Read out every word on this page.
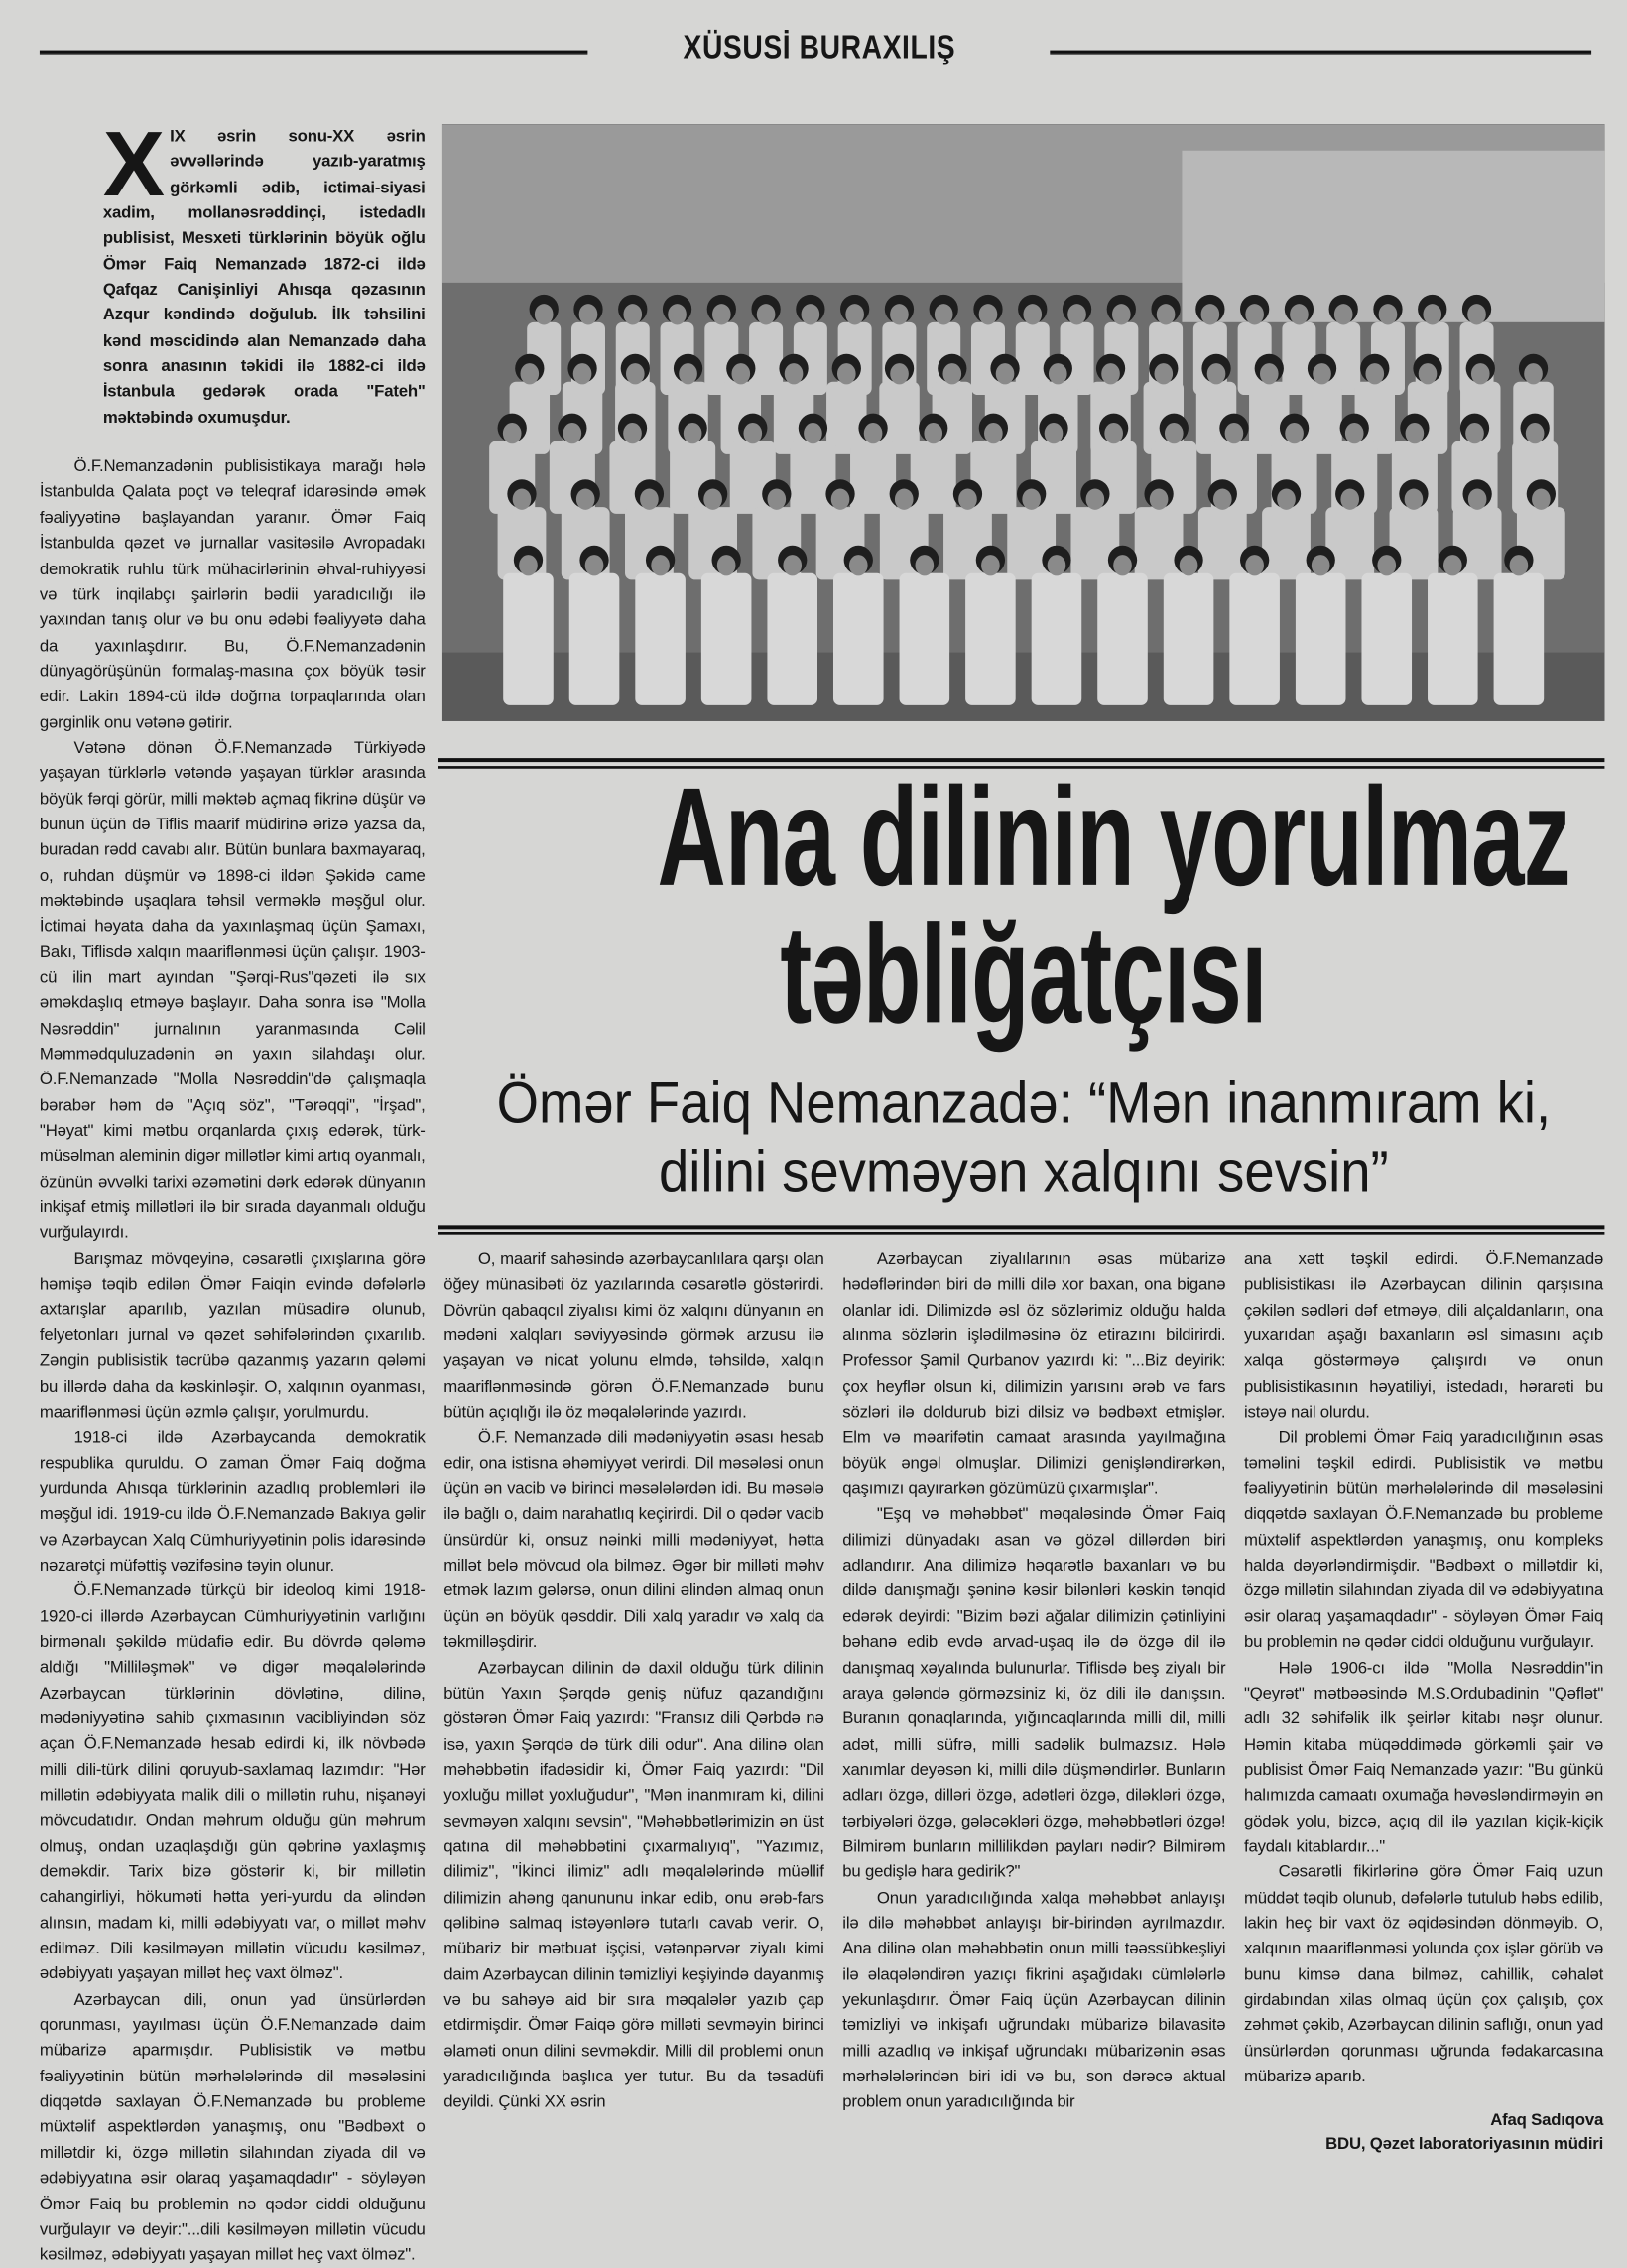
XÜSUSİ BURAXILIŞ
X IX əsrin sonu-XX əsrin əvvəllərində yazıb-yaratmış görkəmli ədib, ictimai-siyasi xadim, mollanəsrəddinçi, istedadlı publisist, Mesxeti türklərinin böyük oğlu Ömər Faiq Nemanzadə 1872-ci ildə Qafqaz Canişinliyi Ahısqa qəzasının Azqur kəndində doğulub. İlk təhsilini kənd məscidində alan Nemanzadə daha sonra anasının təkidi ilə 1882-ci ildə İstanbula gedərək orada "Fateh" məktəbində oxumuşdur.

Ö.F.Nemanzadənin publisistikaya marağı hələ İstanbulda Qalata poçt və teleqraf idarəsində əmək fəaliyyətinə başlayandan yaranır. Ömər Faiq İstanbulda qəzet və jurnallar vasitəsilə Avropadakı demokratik ruhlu türk mühacirlərinin əhval-ruhiyyəsi və türk inqilabçı şairlərin bədii yaradıcılığı ilə yaxından tanış olur və bu onu ədəbi fəaliyyətə daha da yaxınlaşdırır. Bu, Ö.F.Nemanzadənin dünyagörüşünün formalaş-masına çox böyük təsir edir. Lakin 1894-cü ildə doğma torpaqlarında olan gərginlik onu vətənə gətirir.

Vətənə dönən Ö.F.Nemanzadə Türkiyədə yaşayan türklərlə vətəndə yaşayan türklər arasında böyük fərqi görür, milli məktəb açmaq fikrinə düşür və bunun üçün də Tiflis maarif müdirinə ərizə yazsa da, buradan rədd cavabı alır. Bütün bunlara baxmayaraq, o, ruhdan düşmür və 1898-ci ildən Şəkidə came məktəbində uşaqlara təhsil verməklə məşğul olur. İctimai həyata daha da yaxınlaşmaq üçün Şamaxı, Bakı, Tiflisdə xalqın maariflənməsi üçün çalışır. 1903-cü ilin mart ayından "Şərqi-Rus"qəzeti ilə sıx əməkdaşlıq etməyə başlayır. Daha sonra isə "Molla Nəsrəddin" jurnalının yaranmasında Cəlil Məmmədquluzadənin ən yaxın silahdaşı olur. Ö.F.Nemanzadə "Molla Nəsrəddin"də çalışmaqla bərabər həm də "Açıq söz", "Tərəqqi", "İrşad", "Həyat" kimi mətbu orqanlarda çıxış edərək, türk-müsəlman aleminin digər millətlər kimi artıq oyanmalı, özünün əvvəlki tarixi əzəmətini dərk edərək dünyanın inkişaf etmiş millətləri ilə bir sırada dayanmalı olduğu vurğulayırdı.

Barışmaz mövqeyinə, cəsarətli çıxışlarına görə həmişə təqib edilən Ömər Faiqin evində dəfələrlə axtarışlar aparılıb, yazılan müsadirə olunub, felyetonları jurnal və qəzet səhifələrindən çıxarılıb. Zəngin publisistik təcrübə qazanmış yazarın qələmi bu illərdə daha da kəskinləşir. O, xalqının oyanması, maariflənməsi üçün əzmlə çalışır, yorulmurdu.

1918-ci ildə Azərbaycanda demokratik respublika quruldu. O zaman Ömər Faiq doğma yurdunda Ahısqa türklərinin azadlıq problemləri ilə məşğul idi. 1919-cu ildə Ö.F.Nemanzadə Bakıya gəlir və Azərbaycan Xalq Cümhuriyyətinin polis idarəsində nəzarətçi müfəttiş vəzifəsinə təyin olunur.

Ö.F.Nemanzadə türkçü bir ideoloq kimi 1918-1920-ci illərdə Azərbaycan Cümhuriyyətinin varlığını birmənalı şəkildə müdafiə edir. Bu dövrdə qələmə aldığı "Milliləşmək" və digər məqalələrində Azərbaycan türklərinin dövlətinə, dilinə, mədəniyyətinə sahib çıxmasının vacibliyindən söz açan Ö.F.Nemanzadə hesab edirdi ki, ilk növbədə milli dili-türk dilini qoruyub-saxlamaq lazımdır: "Hər millətin ədəbiyyata malik dili o millətin ruhu, nişanəyi mövcudatıdır. Ondan məhrum olduğu gün məhrum olmuş, ondan uzaqlaşdığı gün qəbrinə yaxlaşmış deməkdir. Tarix bizə göstərir ki, bir millətin cahangirliyi, hökuməti hətta yeri-yurdu da əlindən alınsın, madam ki, milli ədəbiyyatı var, o millət məhv edilməz. Dili kəsilməyən millətin vücudu kəsilməz, ədəbiyyatı yaşayan millət heç vaxt ölməz".

Azərbaycan dili, onun yad ünsürlərdən qorunması, yayılması üçün Ö.F.Nemanzadə daim mübarizə aparmışdır. Publisistik və mətbu fəaliyyətinin bütün mərhələlərində dil məsələsini diqqətdə saxlayan Ö.F.Nemanzadə bu probleme müxtəlif aspektlərdən yanaşmış, onu "Bədbəxt o millətdir ki, özgə millətin silahından ziyada dil və ədəbiyyatına əsir olaraq yaşamaqdadır" - söyləyən Ömər Faiq bu problemin nə qədər ciddi olduğunu vurğulayır və deyir:"...dili kəsilməyən millətin vücudu kəsilməz, ədəbiyyatı yaşayan millət heç vaxt ölməz".

Ana dilinin yorulmaz
təbliğatçısı
Ömər Faiq Nemanzadə: “Mən inanmıram ki,
dilini sevməyən xalqını sevsin”

O, maarif sahəsində azərbaycanlılara qarşı olan öğey münasibəti öz yazılarında cəsarətlə göstərirdi. Dövrün qabaqcıl ziyalısı kimi öz xalqını dünyanın ən mədəni xalqları səviyyəsində görmək arzusu ilə yaşayan və nicat yolunu elmdə, təhsildə, xalqın maariflənməsində görən Ö.F.Nemanzadə bunu bütün açıqlığı ilə öz məqalələrində yazırdı.

Ö.F. Nemanzadə dili mədəniyyətin əsası hesab edir, ona istisna əhəmiyyət verirdi. Dil məsələsi onun üçün ən vacib və birinci məsələlərdən idi. Bu məsələ ilə bağlı o, daim narahatlıq keçirirdi. Dil o qədər vacib ünsürdür ki, onsuz nəinki milli mədəniyyət, hətta millət belə mövcud ola bilməz. Əgər bir milləti məhv etmək lazım gələrsə, onun dilini əlindən almaq onun üçün ən böyük qəsddir. Dili xalq yaradır və xalq da təkmilləşdirir.

Azərbaycan dilinin də daxil olduğu türk dilinin bütün Yaxın Şərqdə geniş nüfuz qazandığını göstərən Ömər Faiq yazırdı: "Fransız dili Qərbdə nə isə, yaxın Şərqdə də türk dili odur". Ana dilinə olan məhəbbətin ifadəsidir ki, Ömər Faiq yazırdı: "Dil yoxluğu millət yoxluğudur", "Mən inanmıram ki, dilini sevməyən xalqını sevsin", "Məhəbbətlərimizin ən üst qatına dil məhəbbətini çıxarmalıyıq", "Yazımız, dilimiz", "İkinci ilimiz" adlı məqalələrində müəllif dilimizin ahəng qanununu inkar edib, onu ərəb-fars qəlibinə salmaq istəyənlərə tutarlı cavab verir. O, mübariz bir mətbuat işçisi, vətənpərvər ziyalı kimi daim Azərbaycan dilinin təmizliyi keşiyində dayanmış və bu sahəyə aid bir sıra məqalələr yazıb çap etdirmişdir. Ömər Faiqə görə milləti sevməyin birinci əlaməti onun dilini sevməkdir. Milli dil problemi onun yaradıcılığında başlıca yer tutur. Bu da təsadüfi deyildi. Çünki XX əsrin

Azərbaycan ziyalılarının əsas mübarizə hədəflərindən biri də milli dilə xor baxan, ona biganə olanlar idi. Dilimizdə əsl öz sözlərimiz olduğu halda alınma sözlərin işlədilməsinə öz etirazını bildirirdi. Professor Şamil Qurbanov yazırdı ki: "...Biz deyirik: çox heyflər olsun ki, dilimizin yarısını ərəb və fars sözləri ilə doldurub bizi dilsiz və bədbəxt etmişlər. Elm və məarifətin camaat arasında yayılmağına böyük əngəl olmuşlar. Dilimizi genişləndirərkən, qaşımızı qayırarkən gözümüzü çıxarmışlar".

"Eşq və məhəbbət" məqaləsində Ömər Faiq dilimizi dünyadakı asan və gözəl dillərdən biri adlandırır. Ana dilimizə həqarətlə baxanları və bu dildə danışmağı şəninə kəsir bilənləri kəskin tənqid edərək deyirdi: "Bizim bəzi ağalar dilimizin çətinliyini bəhanə edib evdə arvad-uşaq ilə də özgə dil ilə danışmaq xəyalında bulunurlar. Tiflisdə beş ziyalı bir araya gələndə görməzsiniz ki, öz dili ilə danışsın. Buranın qonaqlarında, yığıncaqlarında milli dil, milli adət, milli süfrə, milli sadəlik bulmazsız. Hələ xanımlar deyəsən ki, milli dilə düşməndirlər. Bunların adları özgə, dilləri özgə, adətləri özgə, diləkləri özgə, tərbiyələri özgə, gələcəkləri özgə, məhəbbətləri özgə! Bilmirəm bunların millilikdən payları nədir? Bilmirəm bu gedişlə hara gedirik?"

Onun yaradıcılığında xalqa məhəbbət anlayışı ilə dilə məhəbbət anlayışı bir-birindən ayrılmazdır. Ana dilinə olan məhəbbətin onun milli təəssübkeşliyi ilə əlaqələndirən yazıçı fikrini aşağıdakı cümlələrlə yekunlaşdırır. Ömər Faiq üçün Azərbaycan dilinin təmizliyi və inkişafı uğrundakı mübarizə bilavasitə milli azadlıq və inkişaf uğrundakı mübarizənin əsas mərhələlərindən biri idi və bu, son dərəcə aktual problem onun yaradıcılığında bir

ana xətt təşkil edirdi. Ö.F.Nemanzadə publisistikası ilə Azərbaycan dilinin qarşısına çəkilən sədləri dəf etməyə, dili alçaldanların, ona yuxarıdan aşağı baxanların əsl simasını açıb xalqa göstərməyə çalışırdı və onun publisistikasının həyatiliyi, istedadı, hərarəti bu istəyə nail olurdu.

Dil problemi Ömər Faiq yaradıcılığının əsas təməlini təşkil edirdi. Publisistik və mətbu fəaliyyətinin bütün mərhələlərində dil məsələsini diqqətdə saxlayan Ö.F.Nemanzadə bu probleme müxtəlif aspektlərdən yanaşmış, onu kompleks halda dəyərləndirmişdir. "Bədbəxt o millətdir ki, özgə millətin silahından ziyada dil və ədəbiyyatına əsir olaraq yaşamaqdadır" - söyləyən Ömər Faiq bu problemin nə qədər ciddi olduğunu vurğulayır.

Hələ 1906-cı ildə "Molla Nəsrəddin"in "Qeyrət" mətbəəsində M.S.Ordubadinin "Qəflət" adlı 32 səhifəlik ilk şeirlər kitabı nəşr olunur. Həmin kitaba müqəddimədə görkəmli şair və publisist Ömər Faiq Nemanzadə yazır: "Bu günkü halımızda camaatı oxumağa həvəsləndirməyin ən gödək yolu, bizcə, açıq dil ilə yazılan kiçik-kiçik faydalı kitablardır..."

Cəsarətli fikirlərinə görə Ömər Faiq uzun müddət təqib olunub, dəfələrlə tutulub həbs edilib, lakin heç bir vaxt öz əqidəsindən dönməyib. O, xalqının maariflənməsi yolunda çox işlər görüb və bunu kimsə dana bilməz, cahillik, cəhalət girdabından xilas olmaq üçün çox çalışıb, çox zəhmət çəkib, Azərbaycan dilinin saflığı, onun yad ünsürlərdən qorunması uğrunda fədakarcasına mübarizə aparıb.

Afaq Sadıqova
BDU, Qəzet laboratoriyasının müdiri
